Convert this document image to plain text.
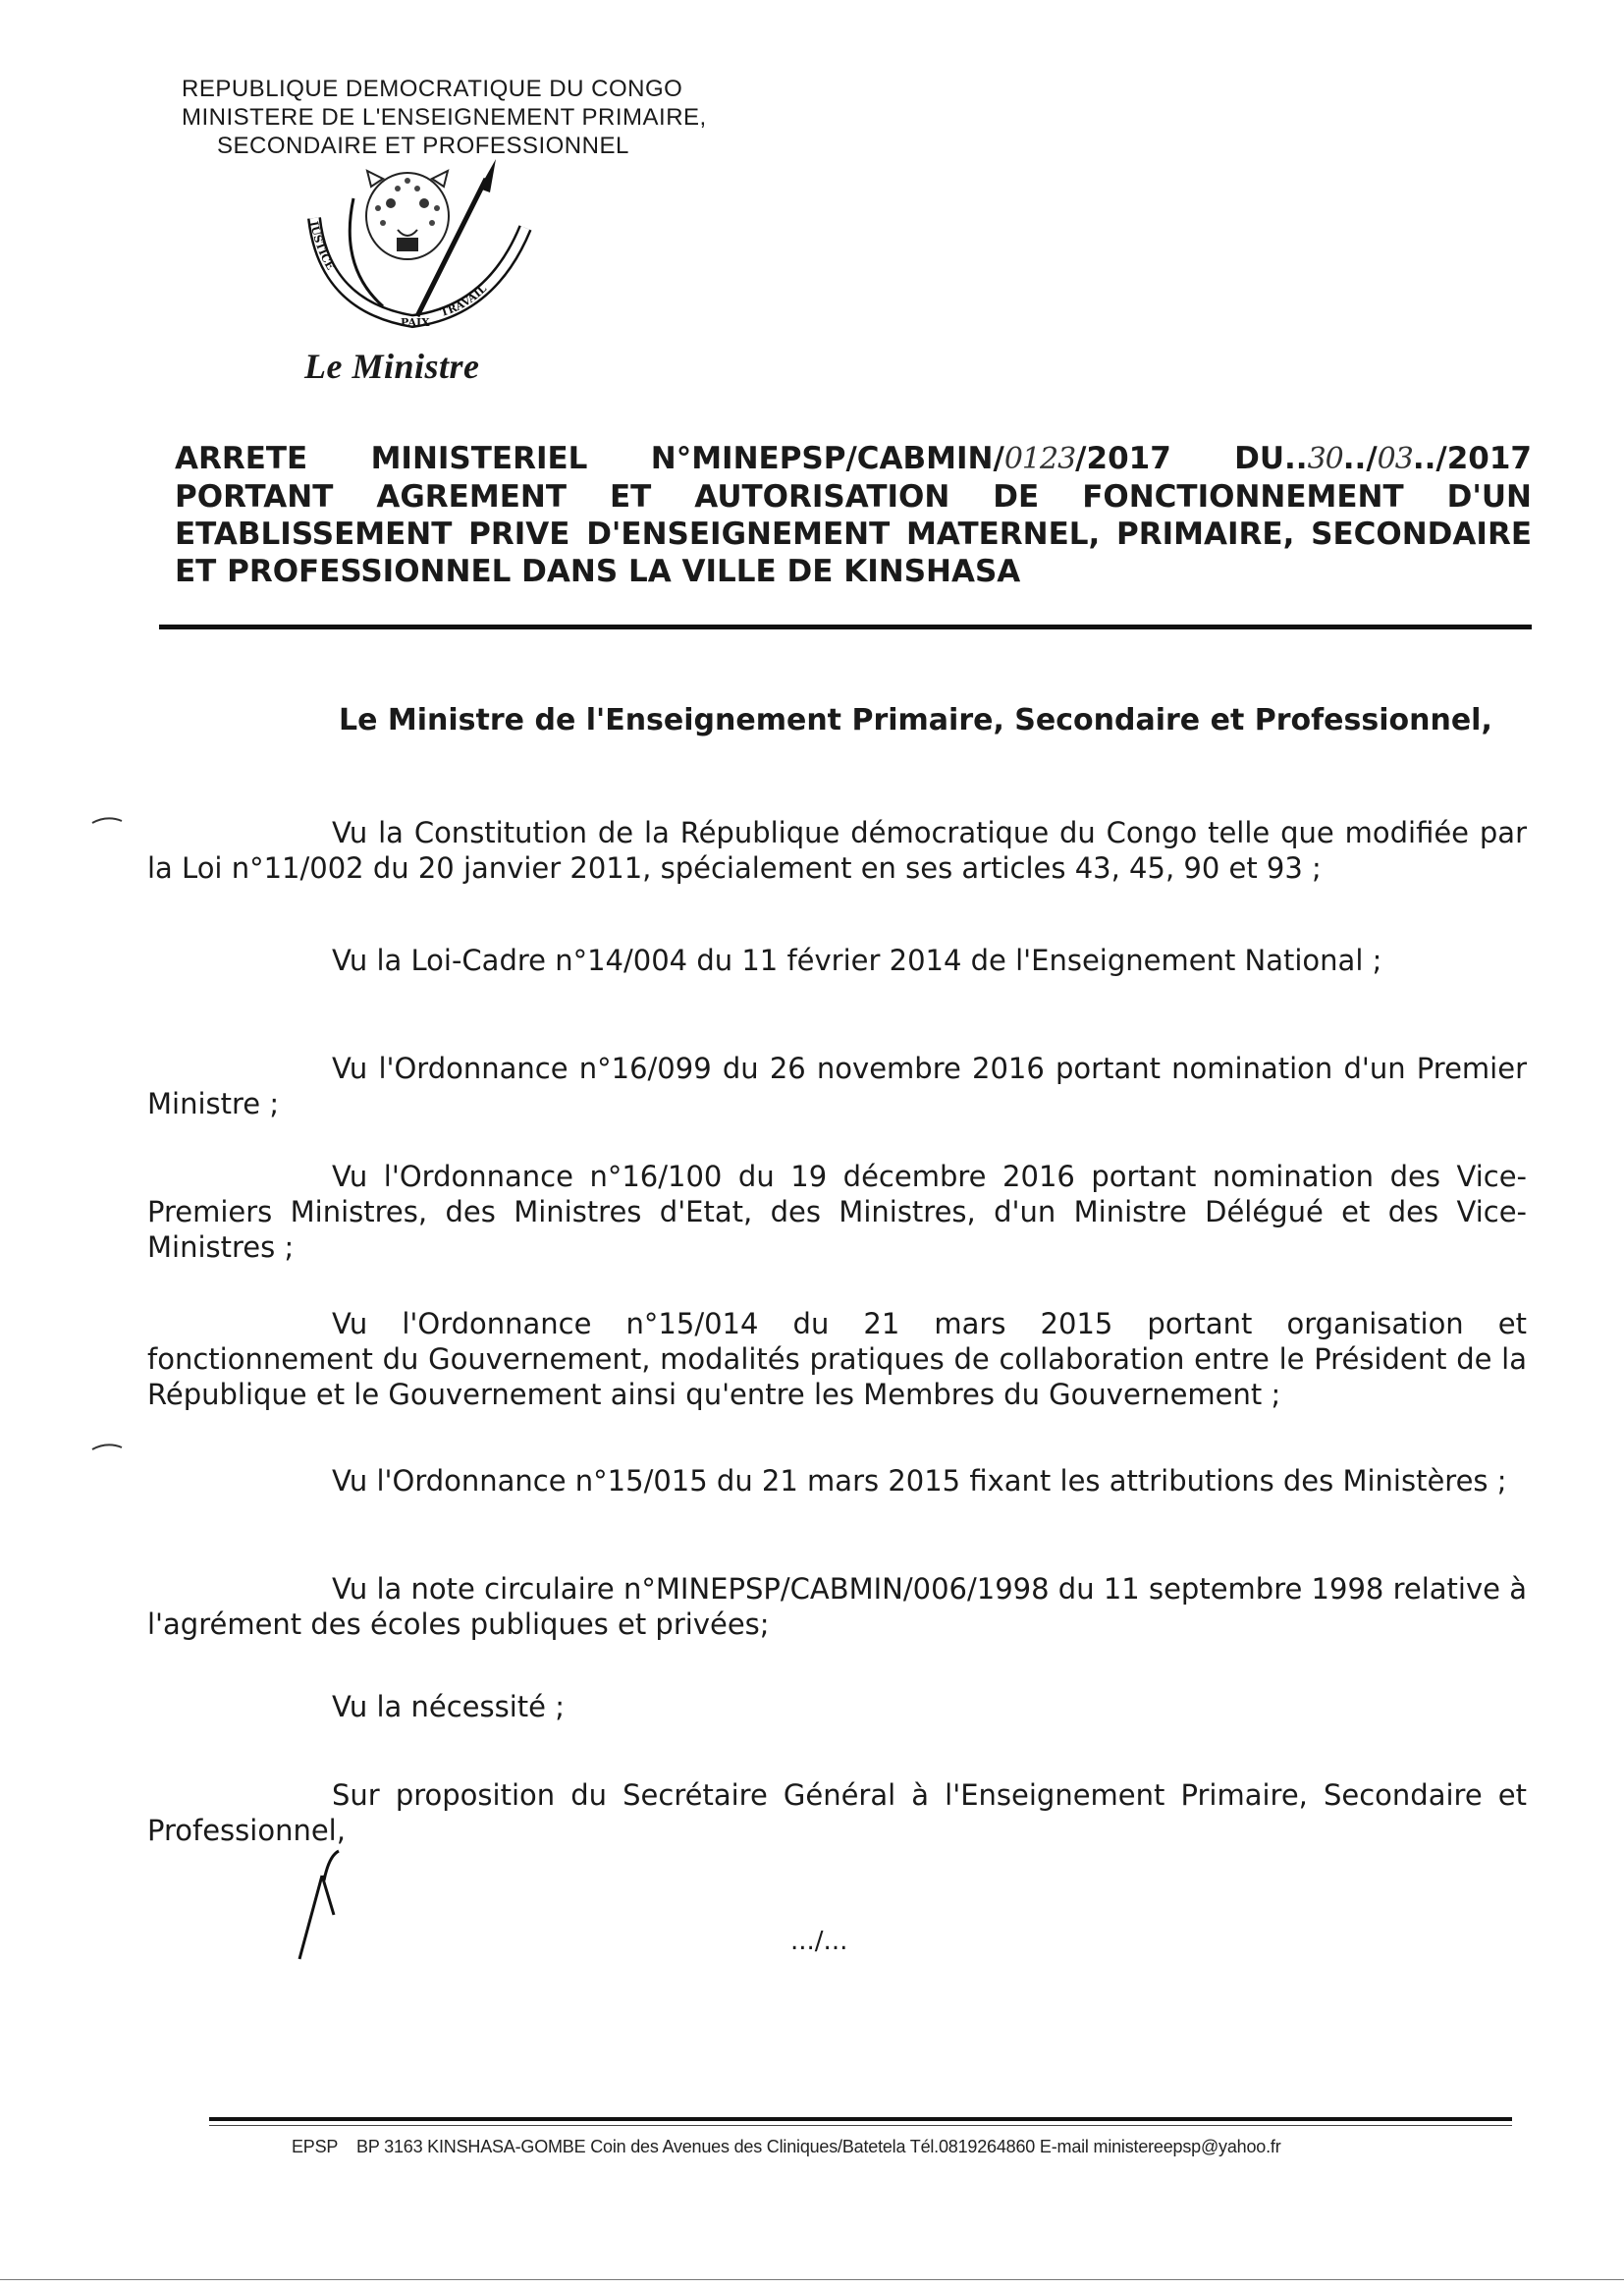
REPUBLIQUE DEMOCRATIQUE DU CONGO
MINISTERE DE L'ENSEIGNEMENT PRIMAIRE,
SECONDAIRE ET PROFESSIONNEL
JUSTICE
TRAVAIL
PAIX
Le Ministre
ARRETE MINISTERIEL N°MINEPSP/CABMIN/0123/2017 DU..30../03../2017
PORTANT AGREMENT ET AUTORISATION DE FONCTIONNEMENT D'UN
ETABLISSEMENT PRIVE D'ENSEIGNEMENT MATERNEL, PRIMAIRE, SECONDAIRE
ET PROFESSIONNEL DANS LA VILLE DE KINSHASA
Le Ministre de l'Enseignement Primaire, Secondaire et Professionnel,
Vu la Constitution de la République démocratique du Congo telle que modifiée par la Loi n°11/002 du 20 janvier 2011, spécialement en ses articles 43, 45, 90 et 93 ;
Vu la Loi-Cadre n°14/004 du 11 février 2014 de l'Enseignement National ;
Vu l'Ordonnance n°16/099 du 26 novembre 2016 portant nomination d'un Premier Ministre ;
Vu l'Ordonnance n°16/100 du 19 décembre 2016 portant nomination des Vice-Premiers Ministres, des Ministres d'Etat, des Ministres, d'un Ministre Délégué et des Vice-Ministres ;
Vu l'Ordonnance n°15/014 du 21 mars 2015 portant organisation et fonctionnement du Gouvernement, modalités pratiques de collaboration entre le Président de la République et le Gouvernement ainsi qu'entre les Membres du Gouvernement ;
Vu l'Ordonnance n°15/015 du 21 mars 2015 fixant les attributions des Ministères ;
Vu la note circulaire n°MINEPSP/CABMIN/006/1998 du 11 septembre 1998 relative à l'agrément des écoles publiques et privées;
Vu la nécessité ;
Sur proposition du Secrétaire Général à l'Enseignement Primaire, Secondaire et Professionnel,
.../...
EPSP BP 3163 KINSHASA-GOMBE Coin des Avenues des Cliniques/Batetela Tél.0819264860 E-mail ministereepsp@yahoo.fr
